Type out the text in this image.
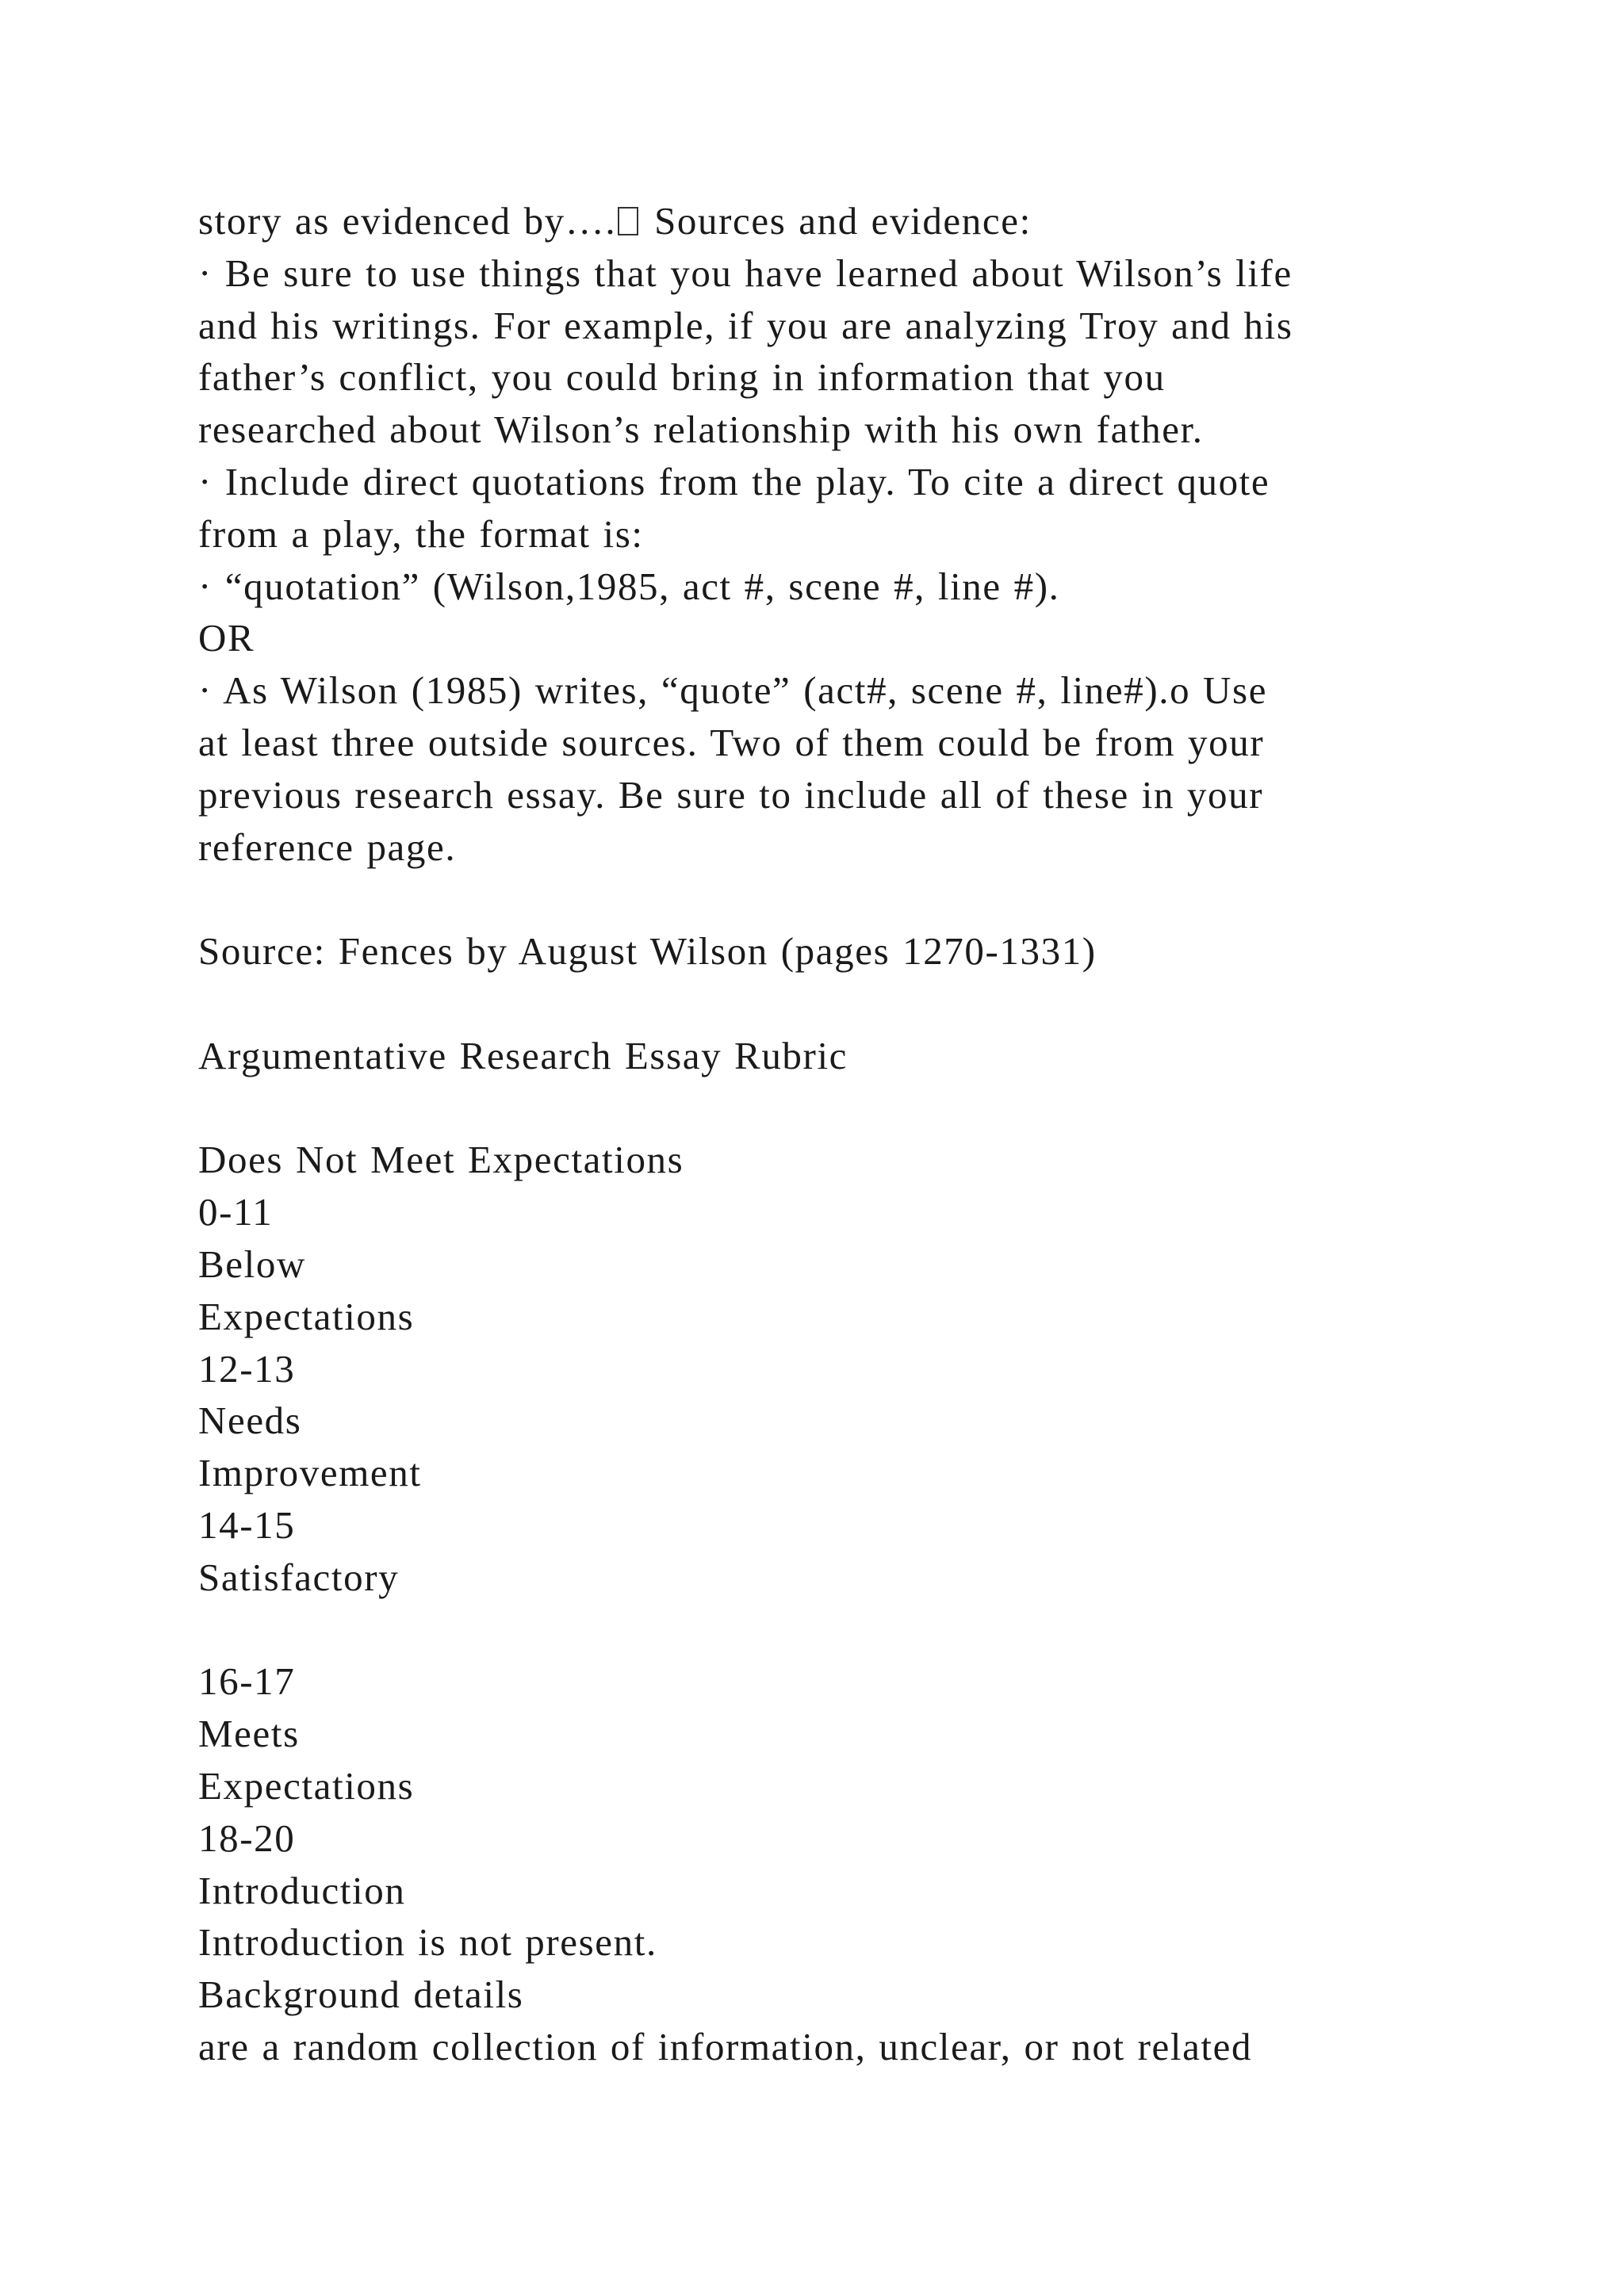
story as evidenced by…. Sources and evidence:
· Be sure to use things that you have learned about Wilson’s life
and his writings. For example, if you are analyzing Troy and his
father’s conflict, you could bring in information that you
researched about Wilson’s relationship with his own father.
· Include direct quotations from the play. To cite a direct quote
from a play, the format is:
· “quotation” (Wilson,1985, act #, scene #, line #).
OR
· As Wilson (1985) writes, “quote” (act#, scene #, line#).o Use
at least three outside sources. Two of them could be from your
previous research essay. Be sure to include all of these in your
reference page.
Source: Fences by August Wilson (pages 1270-1331)
Argumentative Research Essay Rubric
Does Not Meet Expectations
0-11
Below
Expectations
12-13
Needs
Improvement
14-15
Satisfactory
16-17
Meets
Expectations
18-20
Introduction
Introduction is not present.
Background details
are a random collection of information, unclear, or not related
